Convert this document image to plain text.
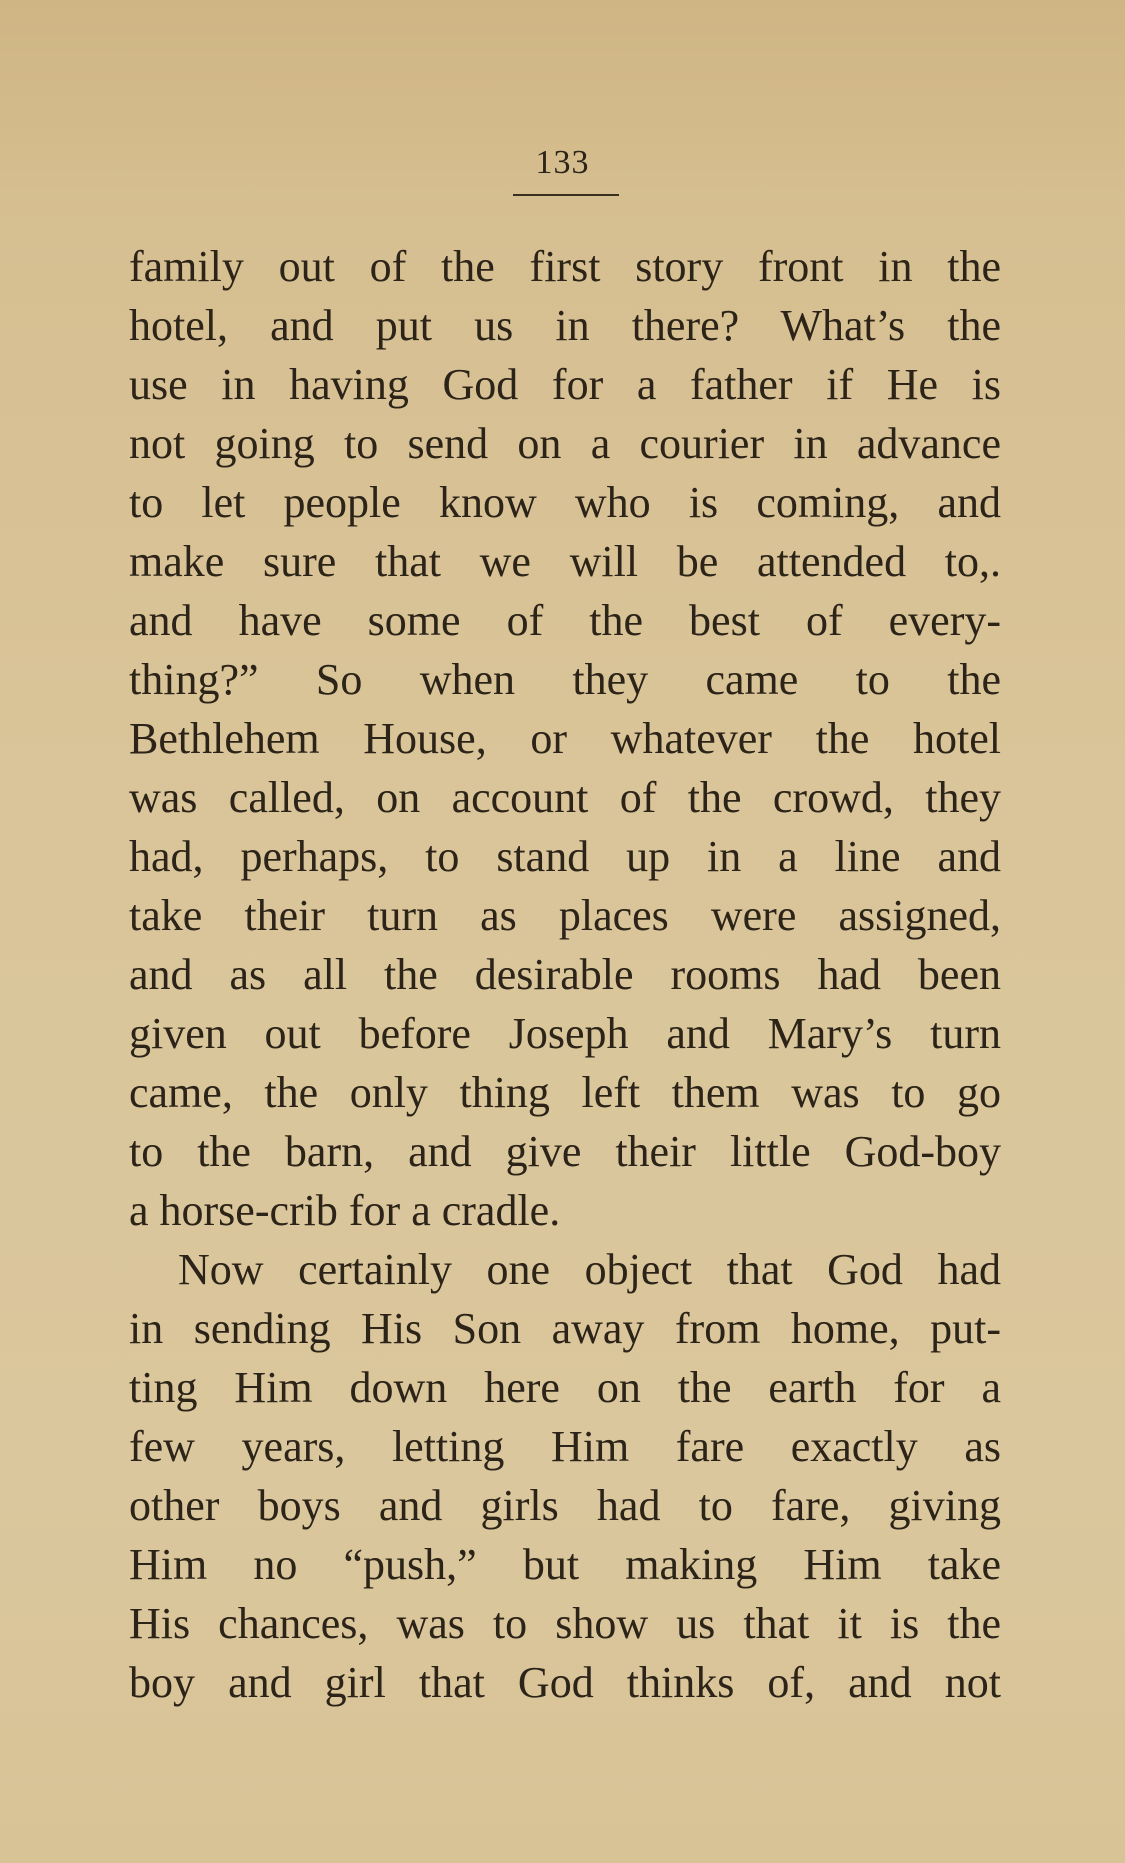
133
family out of the first story front in the
hotel, and put us in there? What’s the
use in having God for a father if He is
not going to send on a courier in advance
to let people know who is coming, and
make sure that we will be attended to,.
and have some of the best of every-
thing?” So when they came to the
Bethlehem House, or whatever the hotel
was called, on account of the crowd, they
had, perhaps, to stand up in a line and
take their turn as places were assigned,
and as all the desirable rooms had been
given out before Joseph and Mary’s turn
came, the only thing left them was to go
to the barn, and give their little God-boy
a horse-crib for a cradle.
Now certainly one object that God had
in sending His Son away from home, put-
ting Him down here on the earth for a
few years, letting Him fare exactly as
other boys and girls had to fare, giving
Him no “push,” but making Him take
His chances, was to show us that it is the
boy and girl that God thinks of, and not
